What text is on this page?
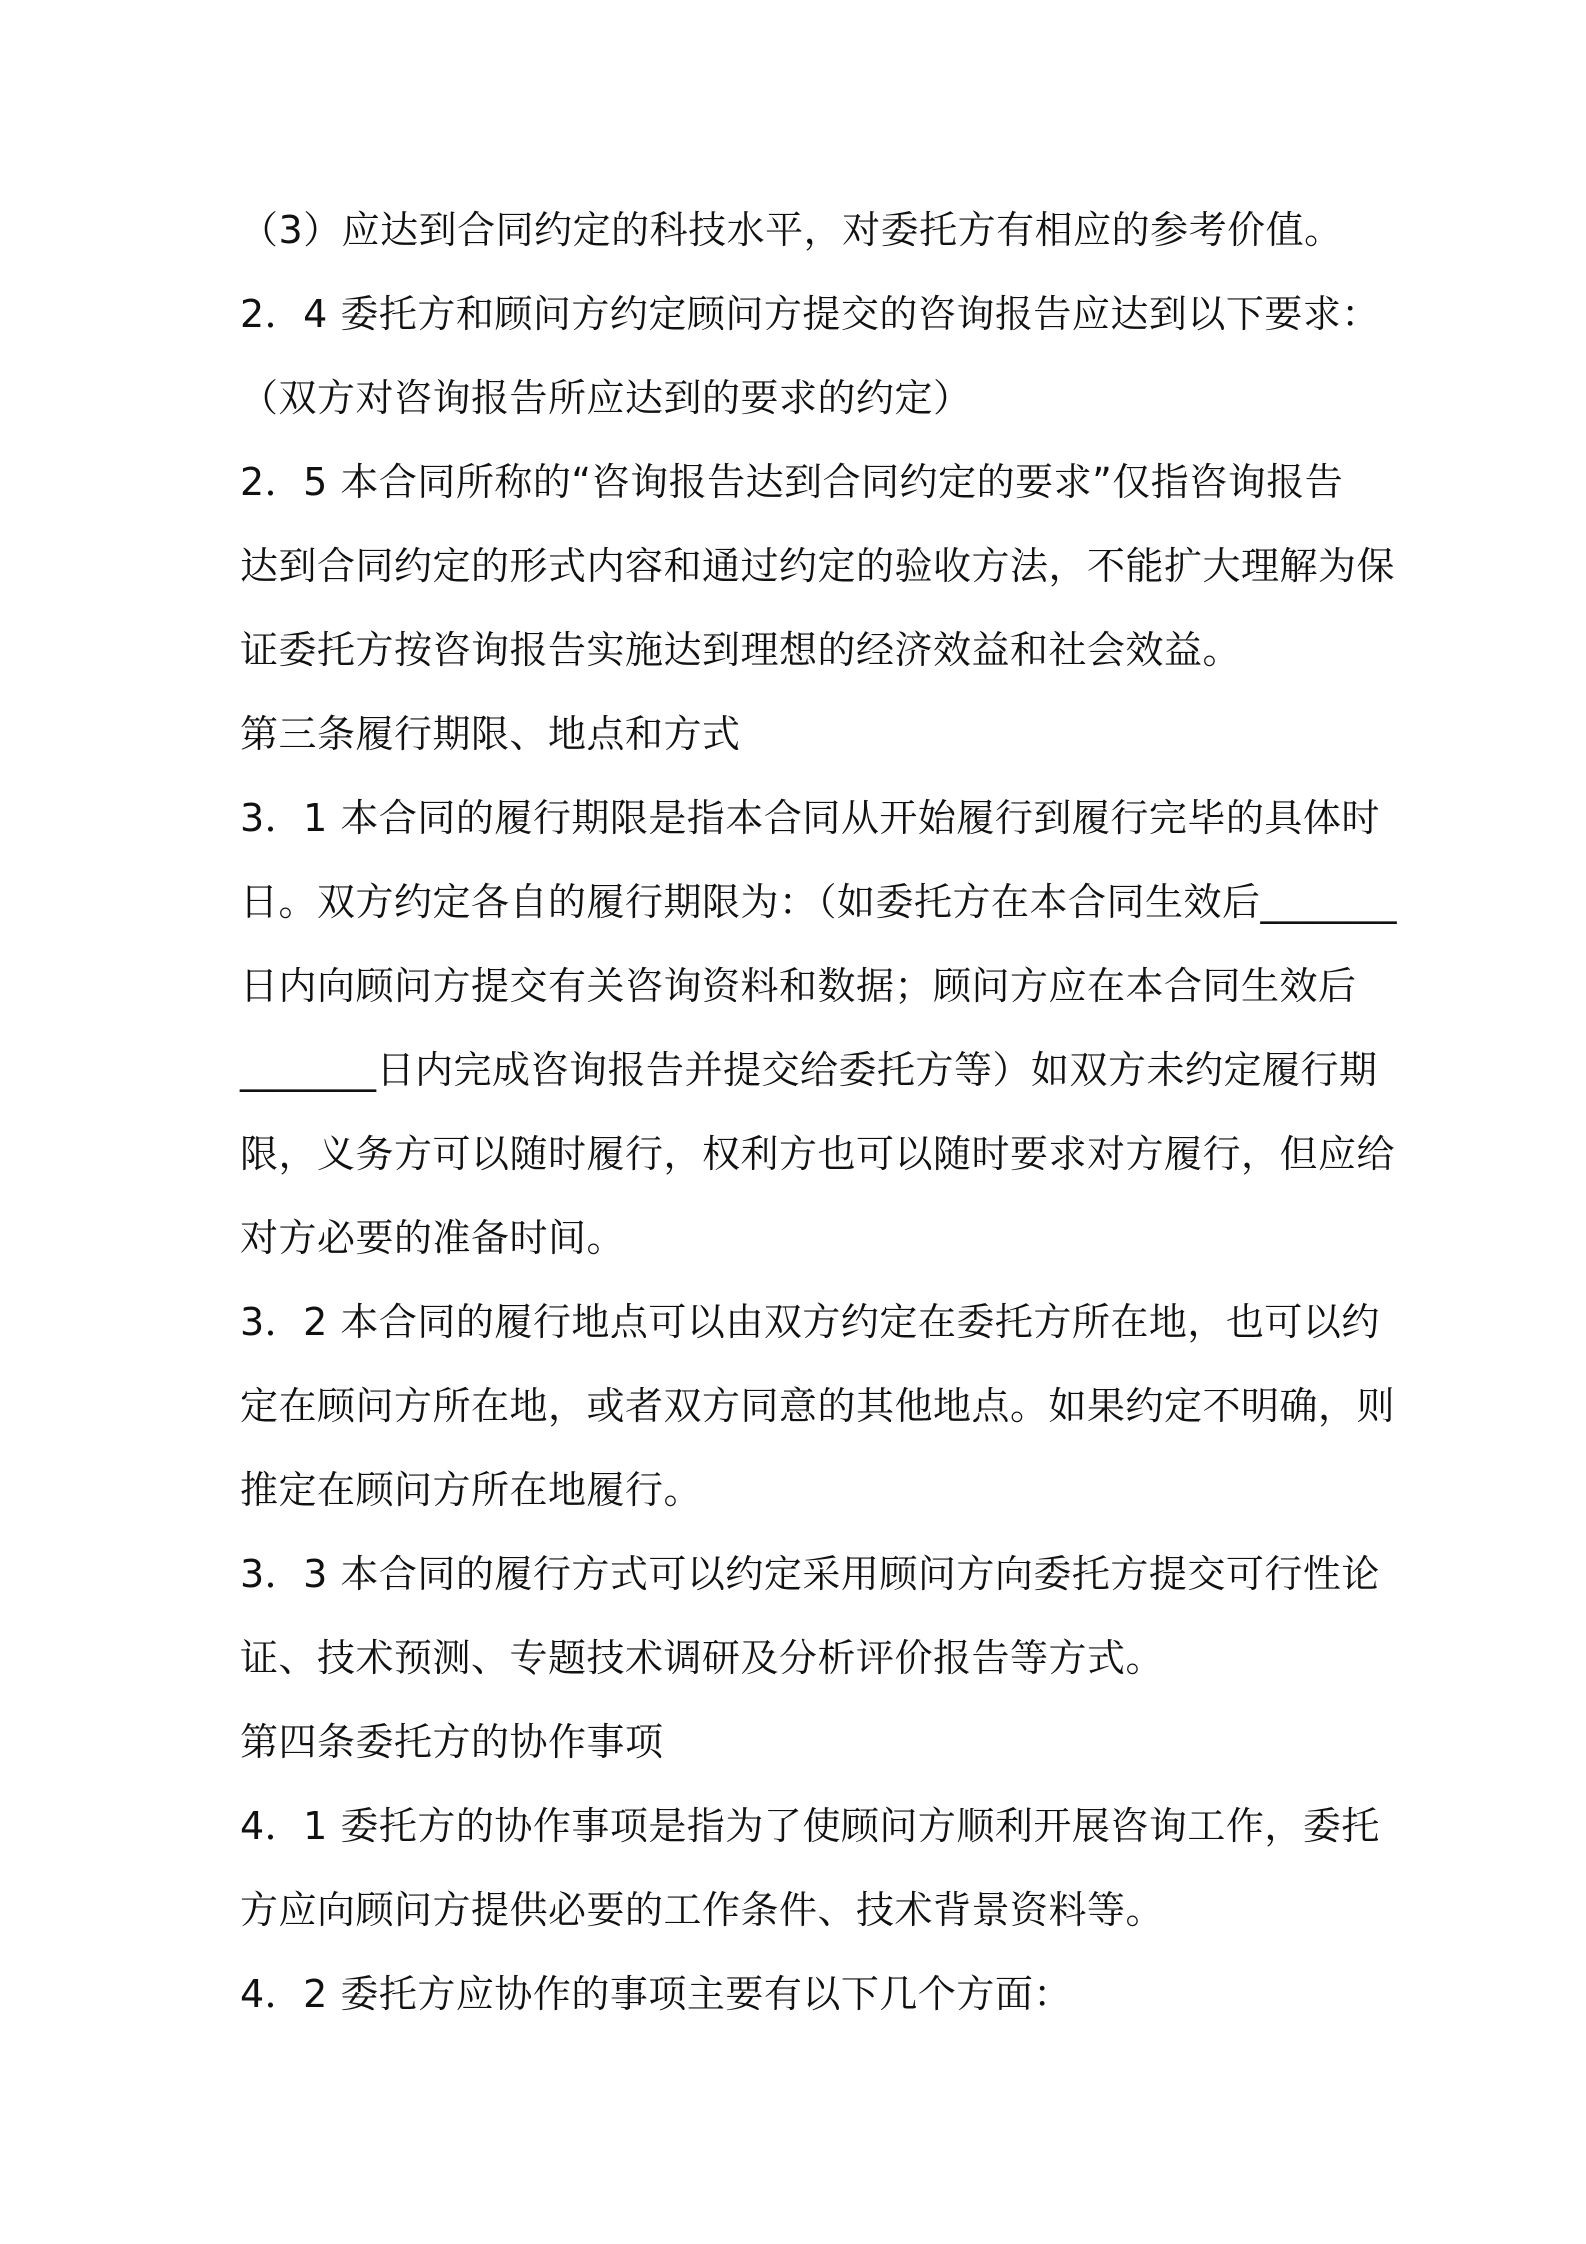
（3）应达到合同约定的科技水平，对委托方有相应的参考价值。
2．4 委托方和顾问方约定顾问方提交的咨询报告应达到以下要求：
（双方对咨询报告所应达到的要求的约定）
2．5 本合同所称的“咨询报告达到合同约定的要求”仅指咨询报告
达到合同约定的形式内容和通过约定的验收方法，不能扩大理解为保
证委托方按咨询报告实施达到理想的经济效益和社会效益。
第三条履行期限、地点和方式
3．1 本合同的履行期限是指本合同从开始履行到履行完毕的具体时
日。双方约定各自的履行期限为：（如委托方在本合同生效后_______
日内向顾问方提交有关咨询资料和数据；顾问方应在本合同生效后
_______日内完成咨询报告并提交给委托方等）如双方未约定履行期
限，义务方可以随时履行，权利方也可以随时要求对方履行，但应给
对方必要的准备时间。
3．2 本合同的履行地点可以由双方约定在委托方所在地，也可以约
定在顾问方所在地，或者双方同意的其他地点。如果约定不明确，则
推定在顾问方所在地履行。
3．3 本合同的履行方式可以约定采用顾问方向委托方提交可行性论
证、技术预测、专题技术调研及分析评价报告等方式。
第四条委托方的协作事项
4．1 委托方的协作事项是指为了使顾问方顺利开展咨询工作，委托
方应向顾问方提供必要的工作条件、技术背景资料等。
4．2 委托方应协作的事项主要有以下几个方面：
